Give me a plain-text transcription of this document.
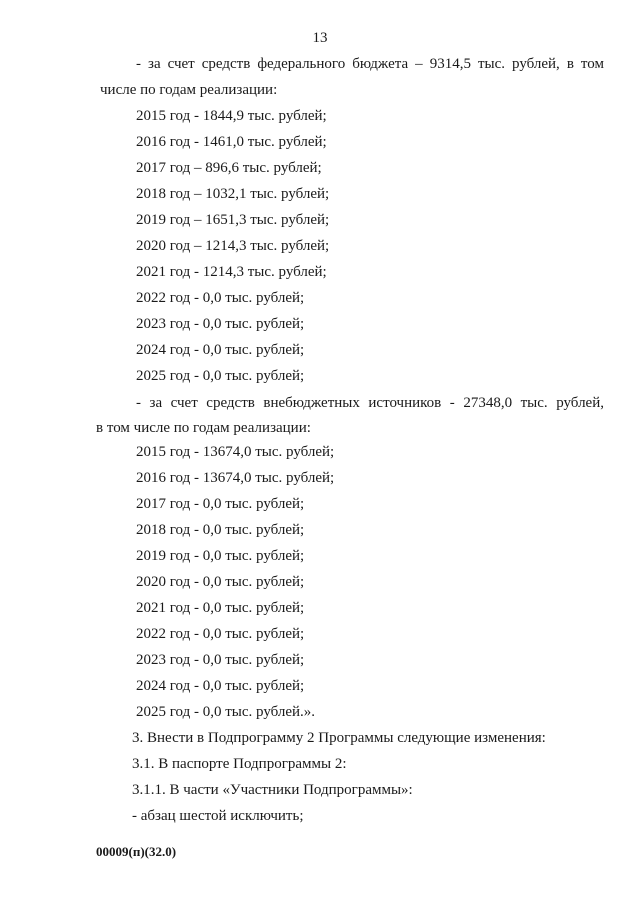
13
- за счет средств федерального бюджета – 9314,5 тыс. рублей, в том
числе по годам реализации:
2015 год - 1844,9 тыс. рублей;
2016 год - 1461,0 тыс. рублей;
2017 год – 896,6 тыс. рублей;
2018 год – 1032,1 тыс. рублей;
2019 год – 1651,3 тыс. рублей;
2020 год – 1214,3 тыс. рублей;
2021 год - 1214,3 тыс. рублей;
2022 год - 0,0 тыс. рублей;
2023 год - 0,0 тыс. рублей;
2024 год - 0,0 тыс. рублей;
2025 год - 0,0 тыс. рублей;
- за счет средств внебюджетных источников - 27348,0 тыс. рублей,
в том числе по годам реализации:
2015 год - 13674,0 тыс. рублей;
2016 год - 13674,0 тыс. рублей;
2017 год - 0,0 тыс. рублей;
2018 год - 0,0 тыс. рублей;
2019 год - 0,0 тыс. рублей;
2020 год - 0,0 тыс. рублей;
2021 год - 0,0 тыс. рублей;
2022 год - 0,0 тыс. рублей;
2023 год - 0,0 тыс. рублей;
2024 год - 0,0 тыс. рублей;
2025 год - 0,0 тыс. рублей.».
3. Внести в Подпрограмму 2 Программы следующие изменения:
3.1. В паспорте Подпрограммы 2:
3.1.1. В части «Участники Подпрограммы»:
- абзац шестой исключить;
00009(п)(32.0)
